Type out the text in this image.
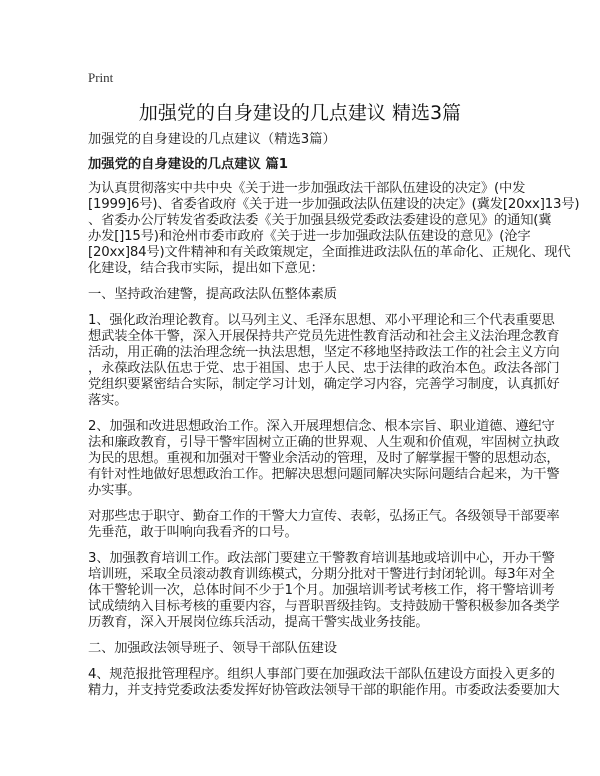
Print
加强党的自身建设的几点建议 精选3篇
加强党的自身建设的几点建议（精选3篇）
加强党的自身建设的几点建议 篇1
为认真贯彻落实中共中央《关于进一步加强政法干部队伍建设的决定》(中发
[1999]6号)、省委省政府《关于进一步加强政法队伍建设的决定》(冀发[20xx]13号)
、省委办公厅转发省委政法委《关于加强县级党委政法委建设的意见》的通知(冀
办发[]15号)和沧州市委市政府《关于进一步加强政法队伍建设的意见》(沧字
[20xx]84号)文件精神和有关政策规定，全面推进政法队伍的革命化、正规化、现代
化建设，结合我市实际，提出如下意见：
一、坚持政治建警，提高政法队伍整体素质
1、强化政治理论教育。以马列主义、毛泽东思想、邓小平理论和三个代表重要思
想武装全体干警，深入开展保持共产党员先进性教育活动和社会主义法治理念教育
活动，用正确的法治理念统一执法思想，坚定不移地坚持政法工作的社会主义方向
，永葆政法队伍忠于党、忠于祖国、忠于人民、忠于法律的政治本色。政法各部门
党组织要紧密结合实际，制定学习计划，确定学习内容，完善学习制度，认真抓好
落实。
2、加强和改进思想政治工作。深入开展理想信念、根本宗旨、职业道德、遵纪守
法和廉政教育，引导干警牢固树立正确的世界观、人生观和价值观，牢固树立执政
为民的思想。重视和加强对干警业余活动的管理，及时了解掌握干警的思想动态，
有针对性地做好思想政治工作。把解决思想问题同解决实际问题结合起来，为干警
办实事。
对那些忠于职守、勤奋工作的干警大力宣传、表彰，弘扬正气。各级领导干部要率
先垂范，敢于叫响向我看齐的口号。
3、加强教育培训工作。政法部门要建立干警教育培训基地或培训中心，开办干警
培训班，采取全员滚动教育训练模式，分期分批对干警进行封闭轮训。每3年对全
体干警轮训一次，总体时间不少于1个月。加强培训考试考核工作，将干警培训考
试成绩纳入目标考核的重要内容，与晋职晋级挂钩。支持鼓励干警积极参加各类学
历教育，深入开展岗位练兵活动，提高干警实战业务技能。
二、加强政法领导班子、领导干部队伍建设
4、规范报批管理程序。组织人事部门要在加强政法干部队伍建设方面投入更多的
精力，并支持党委政法委发挥好协管政法领导干部的职能作用。市委政法委要加大
